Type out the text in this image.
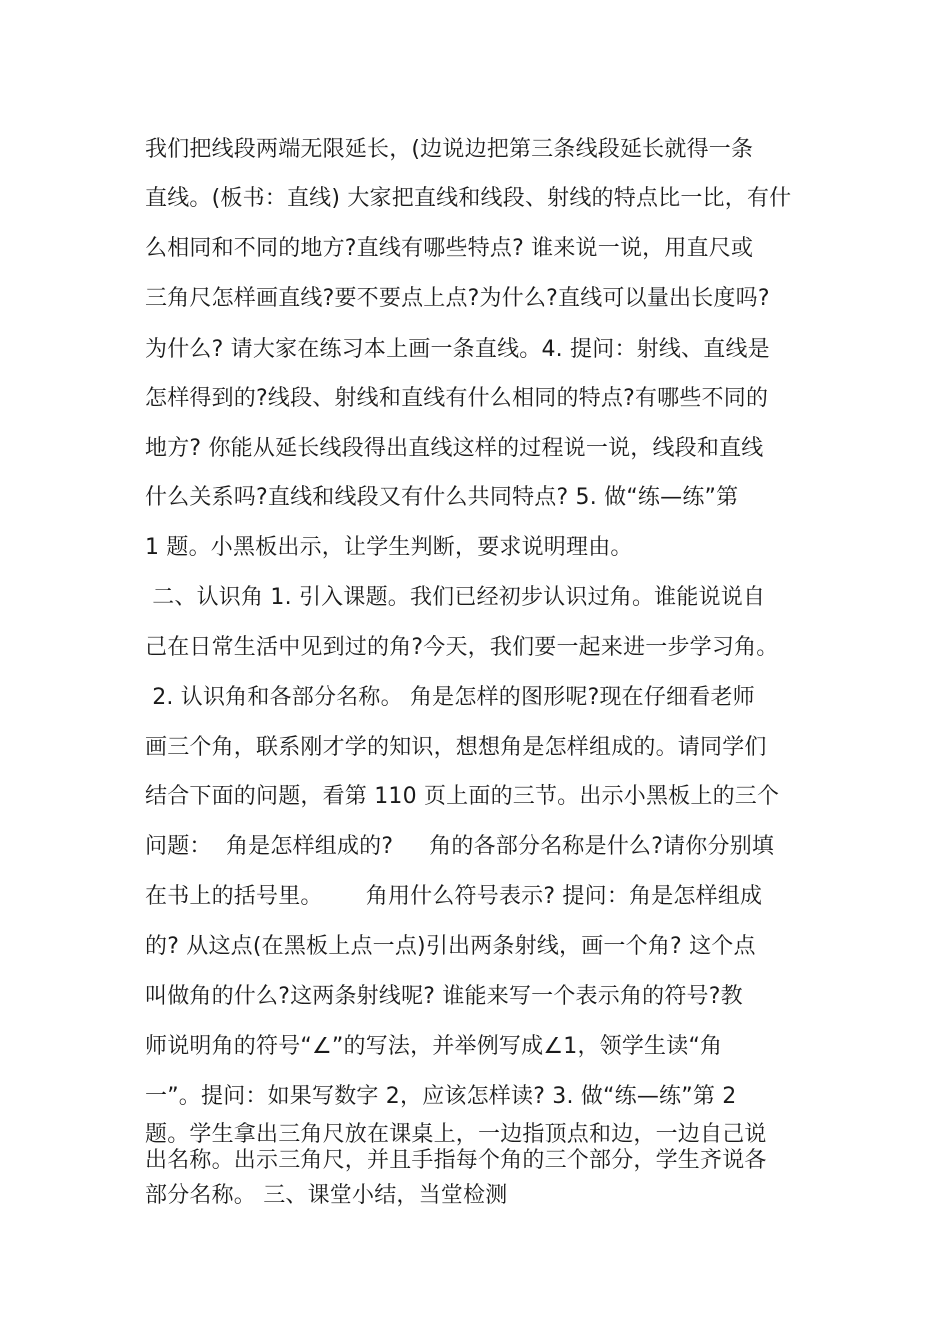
我们把线段两端无限延长，(边说边把第三条线段延长就得一条
直线。(板书：直线) 大家把直线和线段、射线的特点比一比，有什
么相同和不同的地方?直线有哪些特点? 谁来说一说，用直尺或
三角尺怎样画直线?要不要点上点?为什么?直线可以量出长度吗?
为什么? 请大家在练习本上画一条直线。4. 提问：射线、直线是
怎样得到的?线段、射线和直线有什么相同的特点?有哪些不同的
地方? 你能从延长线段得出直线这样的过程说一说，线段和直线
什么关系吗?直线和线段又有什么共同特点? 5. 做“练—练”第
1 题。小黑板出示，让学生判断，要求说明理由。
二、认识角 1. 引入课题。我们已经初步认识过角。谁能说说自
己在日常生活中见到过的角?今天，我们要一起来进一步学习角。
2. 认识角和各部分名称。 角是怎样的图形呢?现在仔细看老师
画三个角，联系刚才学的知识，想想角是怎样组成的。请同学们
结合下面的问题，看第 110 页上面的三节。出示小黑板上的三个
问题：  角是怎样组成的?     角的各部分名称是什么?请你分别填
在书上的括号里。      角用什么符号表示? 提问：角是怎样组成
的? 从这点(在黑板上点一点)引出两条射线，画一个角? 这个点
叫做角的什么?这两条射线呢? 谁能来写一个表示角的符号?教
师说明角的符号“∠”的写法，并举例写成∠1，领学生读“角
一”。提问：如果写数字 2，应该怎样读? 3. 做“练—练”第 2
题。学生拿出三角尺放在课桌上，一边指顶点和边，一边自己说
出名称。出示三角尺，并且手指每个角的三个部分，学生齐说各
部分名称。 三、课堂小结，当堂检测
